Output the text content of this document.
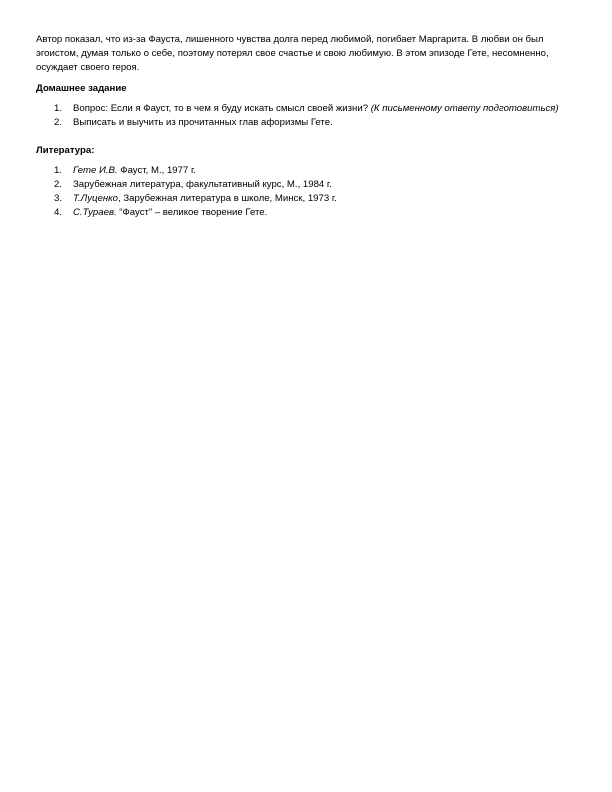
Автор показал, что из-за Фауста, лишенного чувства долга перед любимой, погибает Маргарита. В любви он был эгоистом, думая только о себе, поэтому потерял свое счастье и свою любимую. В этом эпизоде Гете, несомненно, осуждает своего героя.

Домашнее задание
1.	Вопрос: Если я Фауст, то в чем я буду искать смысл своей жизни? (К письменному ответу подготовиться)
2.	Выписать и выучить из прочитанных глав афоризмы Гете.
Литература:
1.	Гете И.В. Фауст, М., 1977 г.
2.	Зарубежная литература, факультативный курс, М., 1984 г.
3.	Т.Луценко, Зарубежная литература в школе, Минск, 1973 г.
4.	С.Тураев. “Фауст” – великое творение Гете.
